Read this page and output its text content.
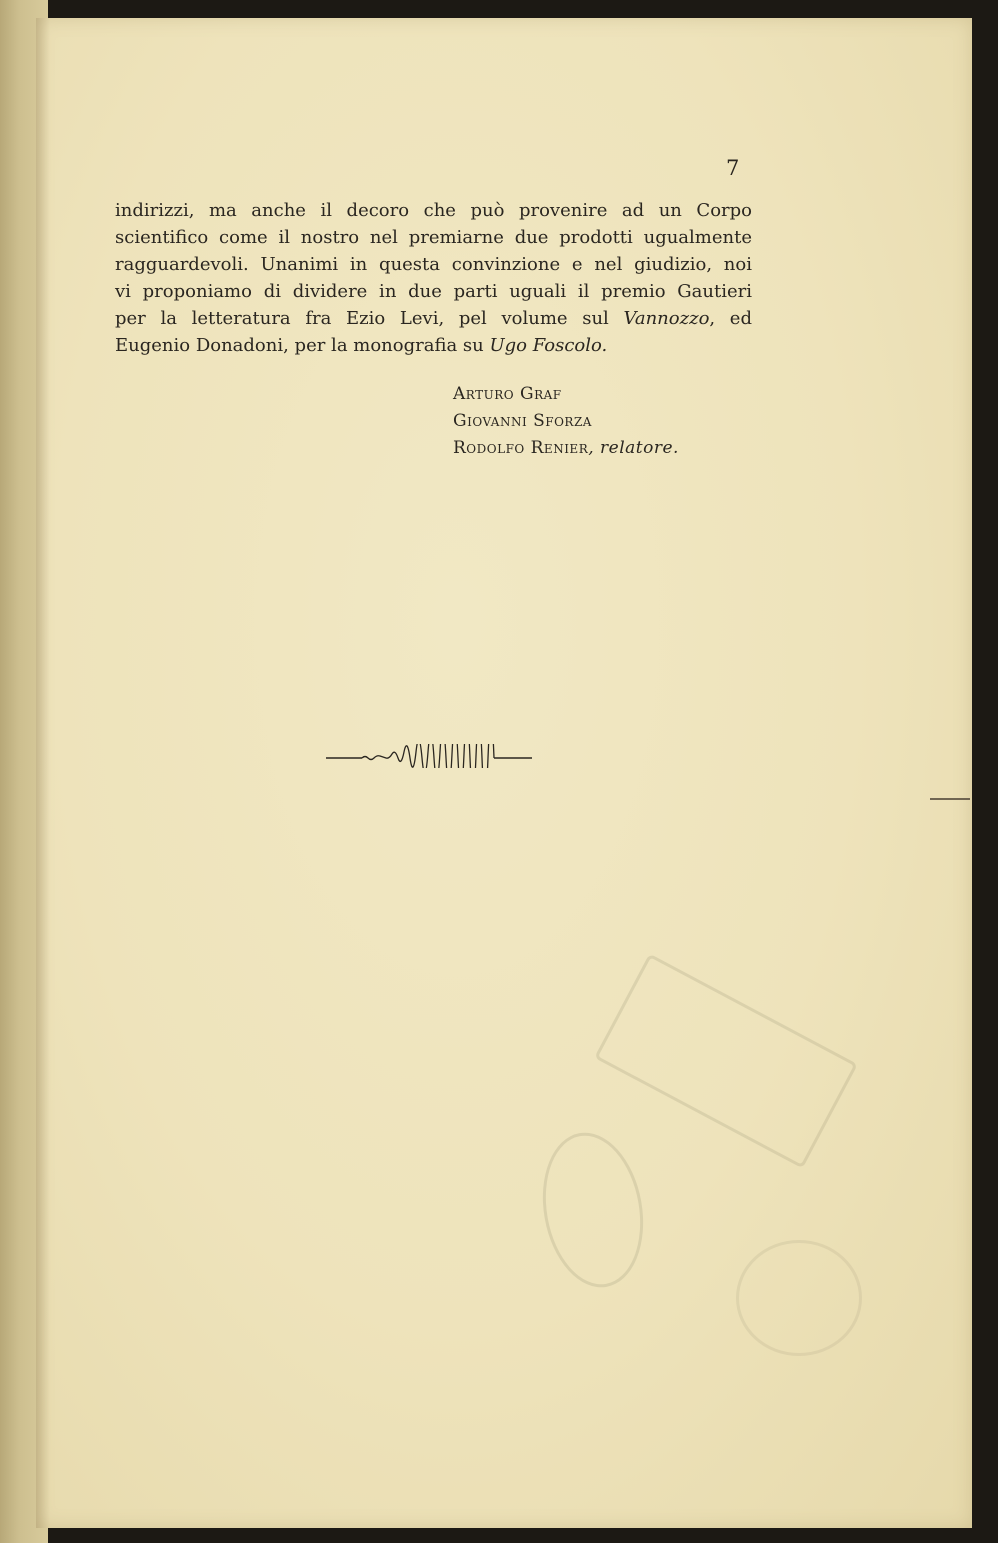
7
indirizzi, ma anche il decoro che può provenire ad un Corpo
scientifico come il nostro nel premiarne due prodotti ugualmente
ragguardevoli. Unanimi in questa convinzione e nel giudizio, noi
vi proponiamo di dividere in due parti uguali il premio Gautieri
per la letteratura fra Ezio Levi, pel volume sul Vannozzo, ed
Eugenio Donadoni, per la monografia su Ugo Foscolo.
Arturo Graf
Giovanni Sforza
Rodolfo Renier, relatore.
